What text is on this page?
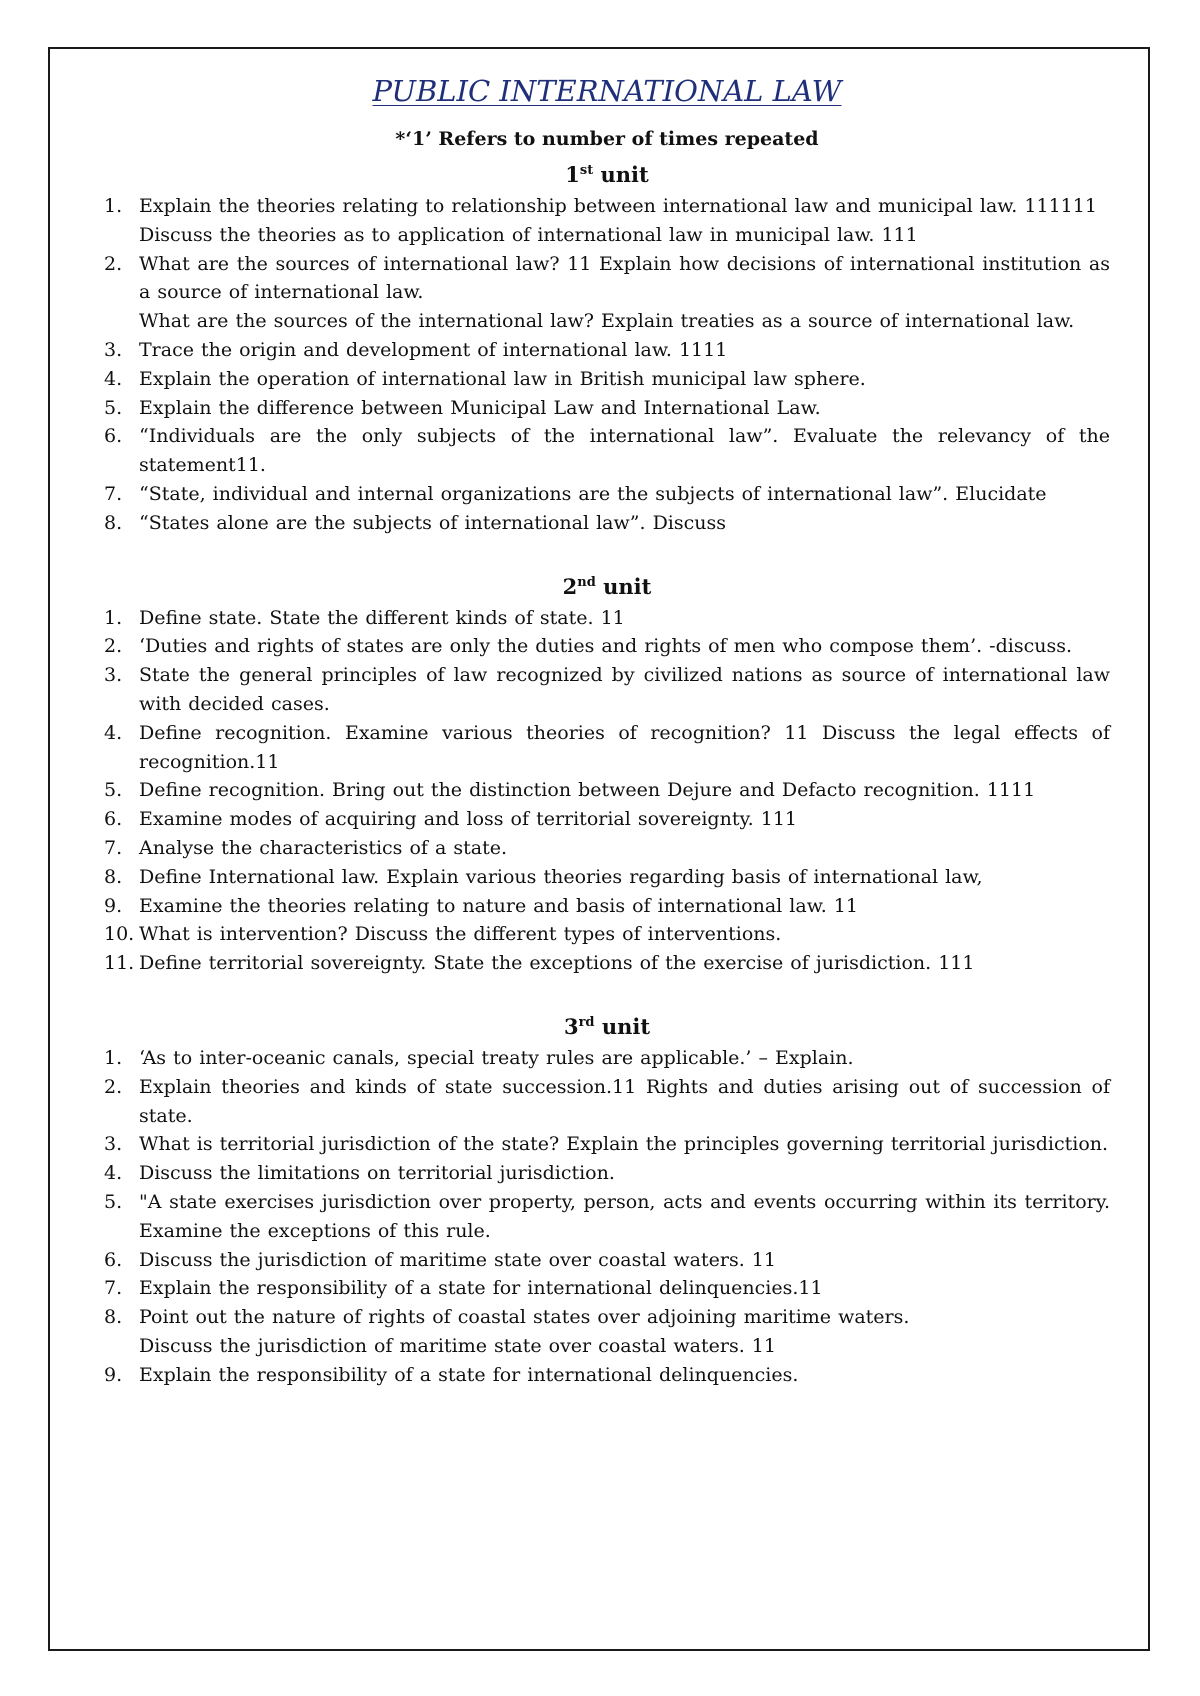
PUBLIC INTERNATIONAL LAW
*‘1’ Refers to number of times repeated
1st unit
1. Explain the theories relating to relationship between international law and municipal law. 111111
Discuss the theories as to application of international law in municipal law. 111
2. What are the sources of international law? 11 Explain how decisions of international institution as a source of international law.
What are the sources of the international law? Explain treaties as a source of international law.
3. Trace the origin and development of international law. 1111
4. Explain the operation of international law in British municipal law sphere.
5. Explain the difference between Municipal Law and International Law.
6. “Individuals are the only subjects of the international law”. Evaluate the relevancy of the statement11.
7. “State, individual and internal organizations are the subjects of international law”. Elucidate
8. “States alone are the subjects of international law”. Discuss
2nd unit
1. Define state. State the different kinds of state. 11
2. ‘Duties and rights of states are only the duties and rights of men who compose them’. -discuss.
3. State the general principles of law recognized by civilized nations as source of international law with decided cases.
4. Define recognition. Examine various theories of recognition? 11 Discuss the legal effects of recognition.11
5. Define recognition. Bring out the distinction between Dejure and Defacto recognition. 1111
6. Examine modes of acquiring and loss of territorial sovereignty. 111
7. Analyse the characteristics of a state.
8. Define International law. Explain various theories regarding basis of international law,
9. Examine the theories relating to nature and basis of international law. 11
10. What is intervention? Discuss the different types of interventions.
11. Define territorial sovereignty. State the exceptions of the exercise of jurisdiction. 111
3rd unit
1. ‘As to inter-oceanic canals, special treaty rules are applicable.’ – Explain.
2. Explain theories and kinds of state succession.11 Rights and duties arising out of succession of state.
3. What is territorial jurisdiction of the state? Explain the principles governing territorial jurisdiction.
4. Discuss the limitations on territorial jurisdiction.
5. "A state exercises jurisdiction over property, person, acts and events occurring within its territory. Examine the exceptions of this rule.
6. Discuss the jurisdiction of maritime state over coastal waters. 11
7. Explain the responsibility of a state for international delinquencies.11
8. Point out the nature of rights of coastal states over adjoining maritime waters.
Discuss the jurisdiction of maritime state over coastal waters. 11
9. Explain the responsibility of a state for international delinquencies.
